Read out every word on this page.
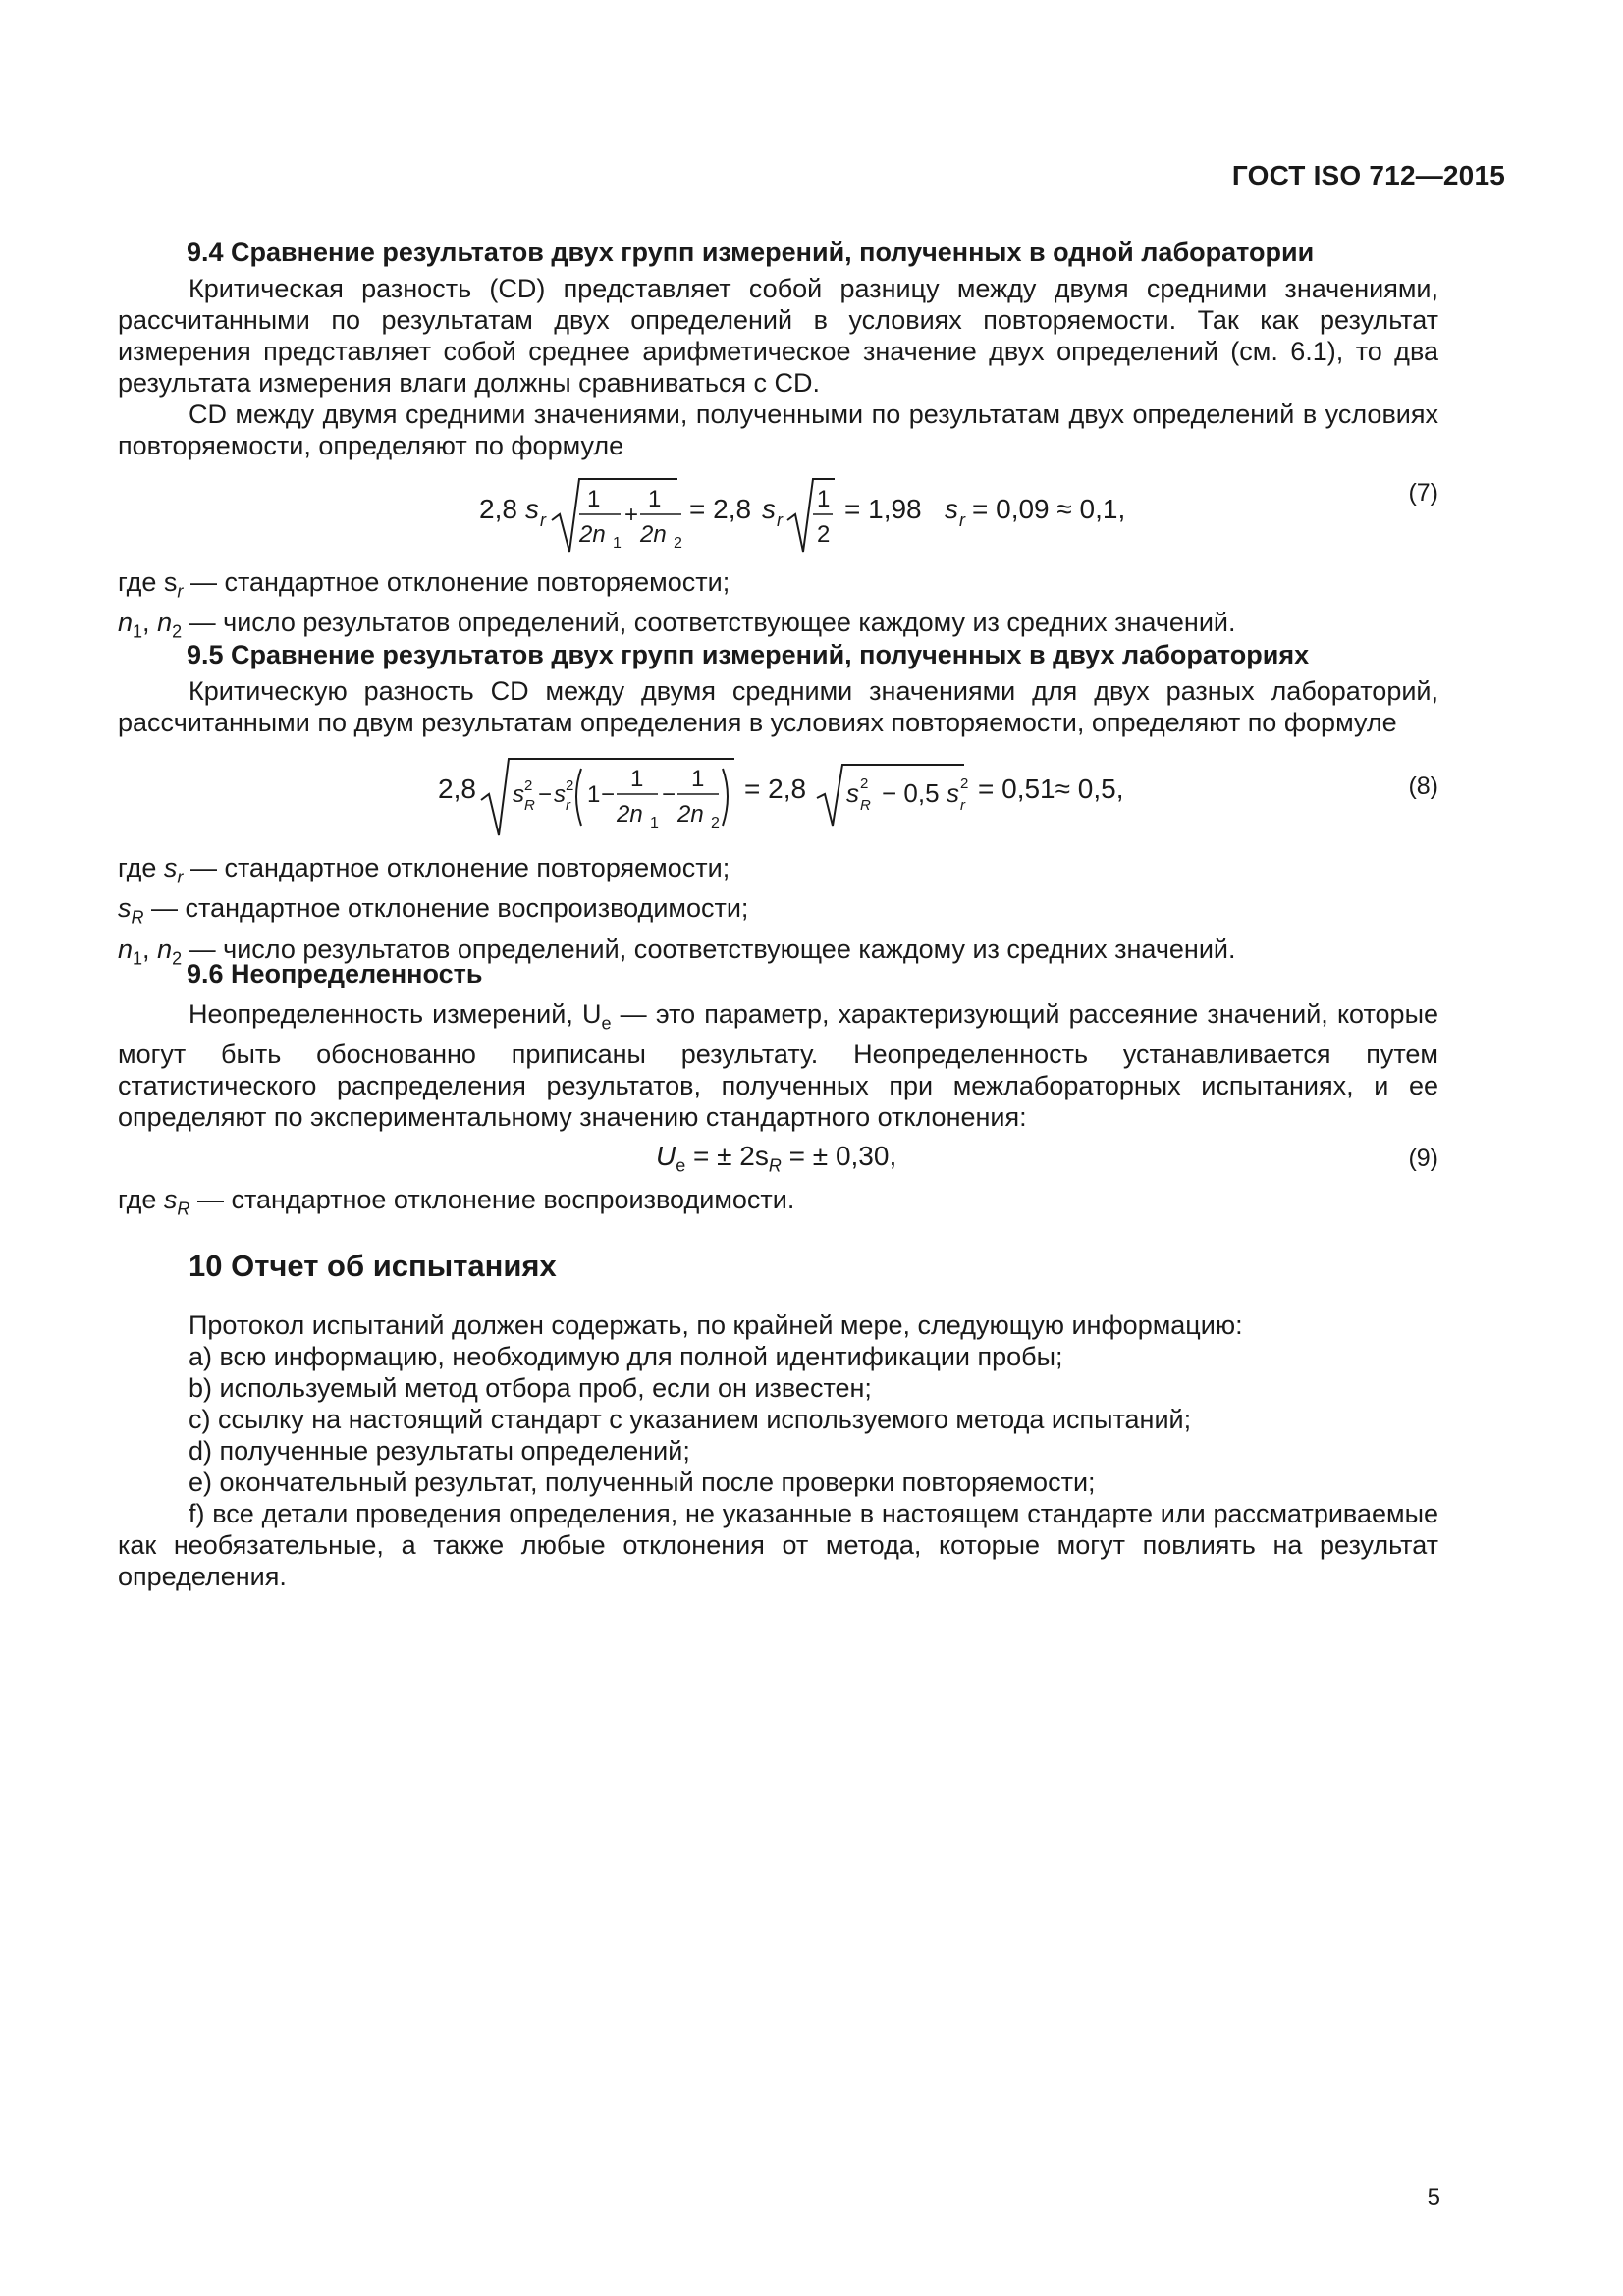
ГОСТ ISO 712—2015
9.4 Сравнение результатов двух групп измерений, полученных в одной лаборатории
Критическая разность (CD) представляет собой разницу между двумя средними значениями, рассчитанными по результатам двух определений в условиях повторяемости. Так как результат измерения представляет собой среднее арифметическое значение двух определений (см. 6.1), то два результата измерения влаги должны сравниваться с CD.
CD между двумя средними значениями, полученными по результатам двух определений в условиях повторяемости, определяют по формуле
2,8 s r
1
2n 1
+
1
2n 2
= 2,8 s r
1
2
= 1,98 s r = 0,09 ≈ 0,1,
(7)
где $s_r$ — стандартное отклонение повторяемости;
$n_1$, $n_2$ — число результатов определений, соответствующее каждому из средних значений.
9.5 Сравнение результатов двух групп измерений, полученных в двух лабораториях
Критическую разность CD между двумя средними значениями для двух разных лабораторий, рассчитанными по двум результатам определения в условиях повторяемости, определяют по формуле
2,8 s 2
R − s 2
r 1 −
1
2n 1
−
1
2n 2
= 2,8 s 2
R − 0,5 s 2
r
= 0,51≈ 0,5,	(8)
где $s_r$ — стандартное отклонение повторяемости;
$s_R$ — стандартное отклонение воспроизводимости;
$n_1$, $n_2$ — число результатов определений, соответствующее каждому из средних значений.
9.6 Неопределенность
Неопределенность измерений, $U_e$ — это параметр, характеризующий рассеяние значений, которые могут быть обоснованно приписаны результату. Неопределенность устанавливается путем статистического распределения результатов, полученных при межлабораторных испытаниях, и ее определяют по экспериментальному значению стандартного отклонения:
$U_e$ = ± $2s_R$ = ± 0,30,	(9)
где $s_R$ — стандартное отклонение воспроизводимости.
10 Отчет об испытаниях
Протокол испытаний должен содержать, по крайней мере, следующую информацию:
a) всю информацию, необходимую для полной идентификации пробы;
b) используемый метод отбора проб, если он известен;
c) ссылку на настоящий стандарт с указанием используемого метода испытаний;
d) полученные результаты определений;
e) окончательный результат, полученный после проверки повторяемости;
f) все детали проведения определения, не указанные в настоящем стандарте или рассматриваемые как необязательные, а также любые отклонения от метода, которые могут повлиять на результат определения.
5
